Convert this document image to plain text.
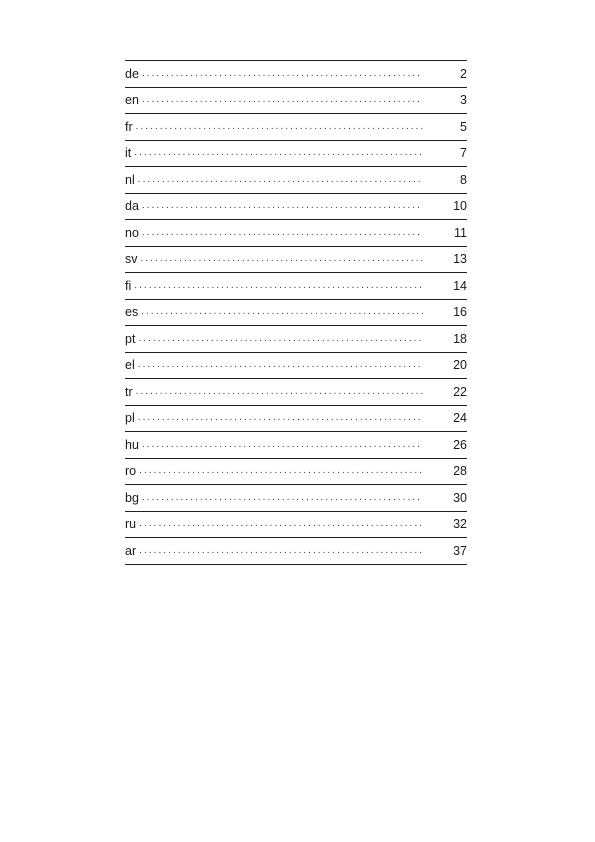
de .....	2
en .....	3
fr .....	5
it .....	7
nl .....	8
da .....	10
no .....	11
sv .....	13
fi .....	14
es .....	16
pt .....	18
el .....	20
tr .....	22
pl .....	24
hu .....	26
ro .....	28
bg .....	30
ru .....	32
ar .....	37
